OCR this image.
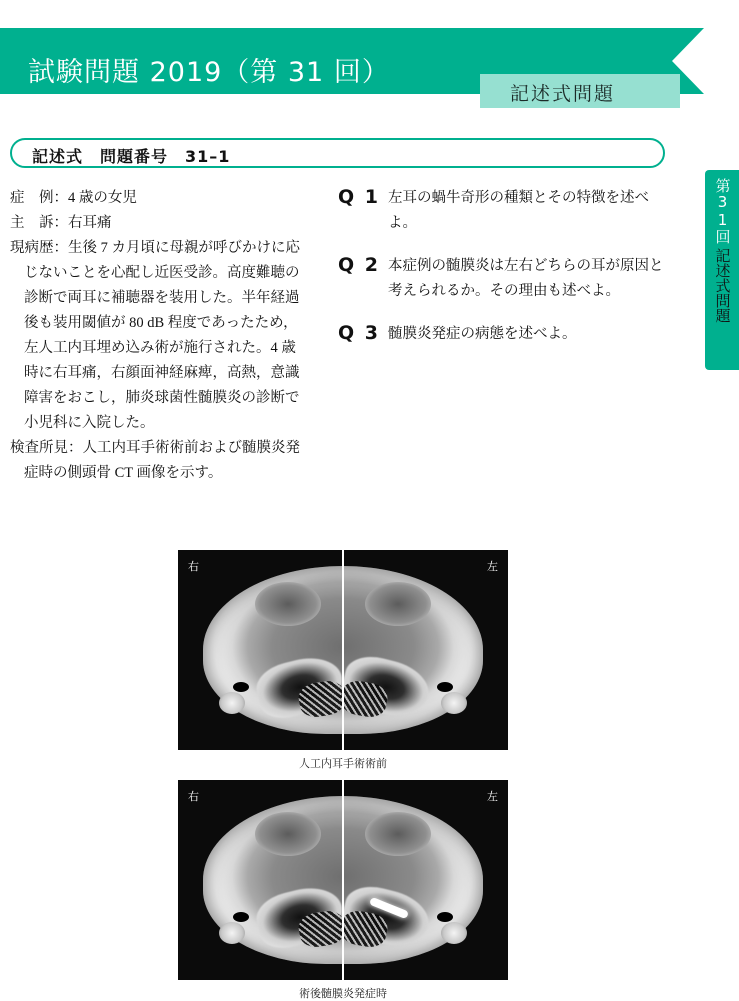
試験問題 2019（第 31 回）
記述式問題
第31回
記述式問題
記述式　問題番号　31–1
症　例：4 歳の女児
主　訴：右耳痛
現病歴：生後 7 カ月頃に母親が呼びかけに応
じないことを心配し近医受診。高度難聴の
診断で両耳に補聴器を装用した。半年経過
後も装用閾値が 80 dB 程度であったため，
左人工内耳埋め込み術が施行された。4 歳
時に右耳痛，右顔面神経麻痺，高熱，意識
障害をおこし，肺炎球菌性髄膜炎の診断で
小児科に入院した。
検査所見：人工内耳手術術前および髄膜炎発
症時の側頭骨 CT 画像を示す。
Q 1 左耳の蝸牛奇形の種類とその特徴を述べよ。
Q 2 本症例の髄膜炎は左右どちらの耳が原因と考えられるか。その理由も述べよ。
Q 3 髄膜炎発症の病態を述べよ。
右	左
人工内耳手術術前
右	左
術後髄膜炎発症時
